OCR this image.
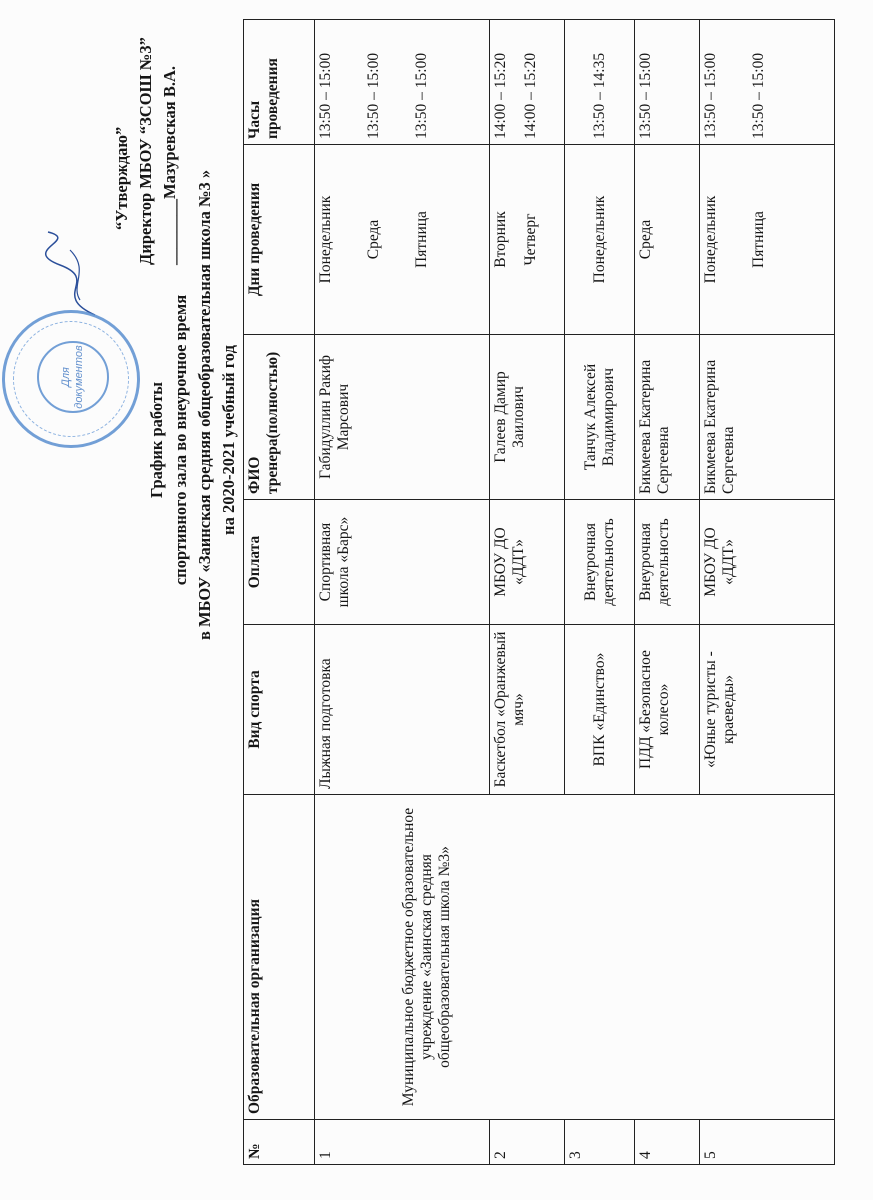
“Утверждаю” Директор МБОУ “ЗСОШ №3” ________Мазуревская В.А.
Для документов
График работы спортивного зала во внеурочное время в МБОУ «Заинская средняя общеобразовательная школа №3 » на 2020-2021 учебный год
№	Образовательная организация	Вид спорта	Оплата	ФИО тренера(полностью)	Дни проведения	Часы проведения
1	Муниципальное бюджетное образовательное учреждение «Заинская средняя общеобразовательная школа №3»	Лыжная подготовка	Спортивная школа «Барс»	Габидуллин Ракиф Марсович	Понедельник Среда Пятница	13:50 – 15:00 13:50 – 15:00 13:50 – 15:00
2		Баскетбол «Оранжевый мяч»	МБОУ ДО «ДДТ»	Галеев Дамир Заилович	Вторник Четверг	14:00 – 15:20 14:00 – 15:20
3		ВПК «Единство»	Внеурочная деятельность	Танчук Алексей Владимирович	Понедельник	13:50 – 14:35
4		ПДД «Безопасное колесо»	Внеурочная деятельность	Бикмеева Екатерина Сергеевна	Среда	13:50 – 15:00
5		«Юные туристы - краеведы»	МБОУ ДО «ДДТ»	Бикмеева Екатерина Сергеевна	Понедельник Пятница	13:50 – 15:00 13:50 – 15:00
